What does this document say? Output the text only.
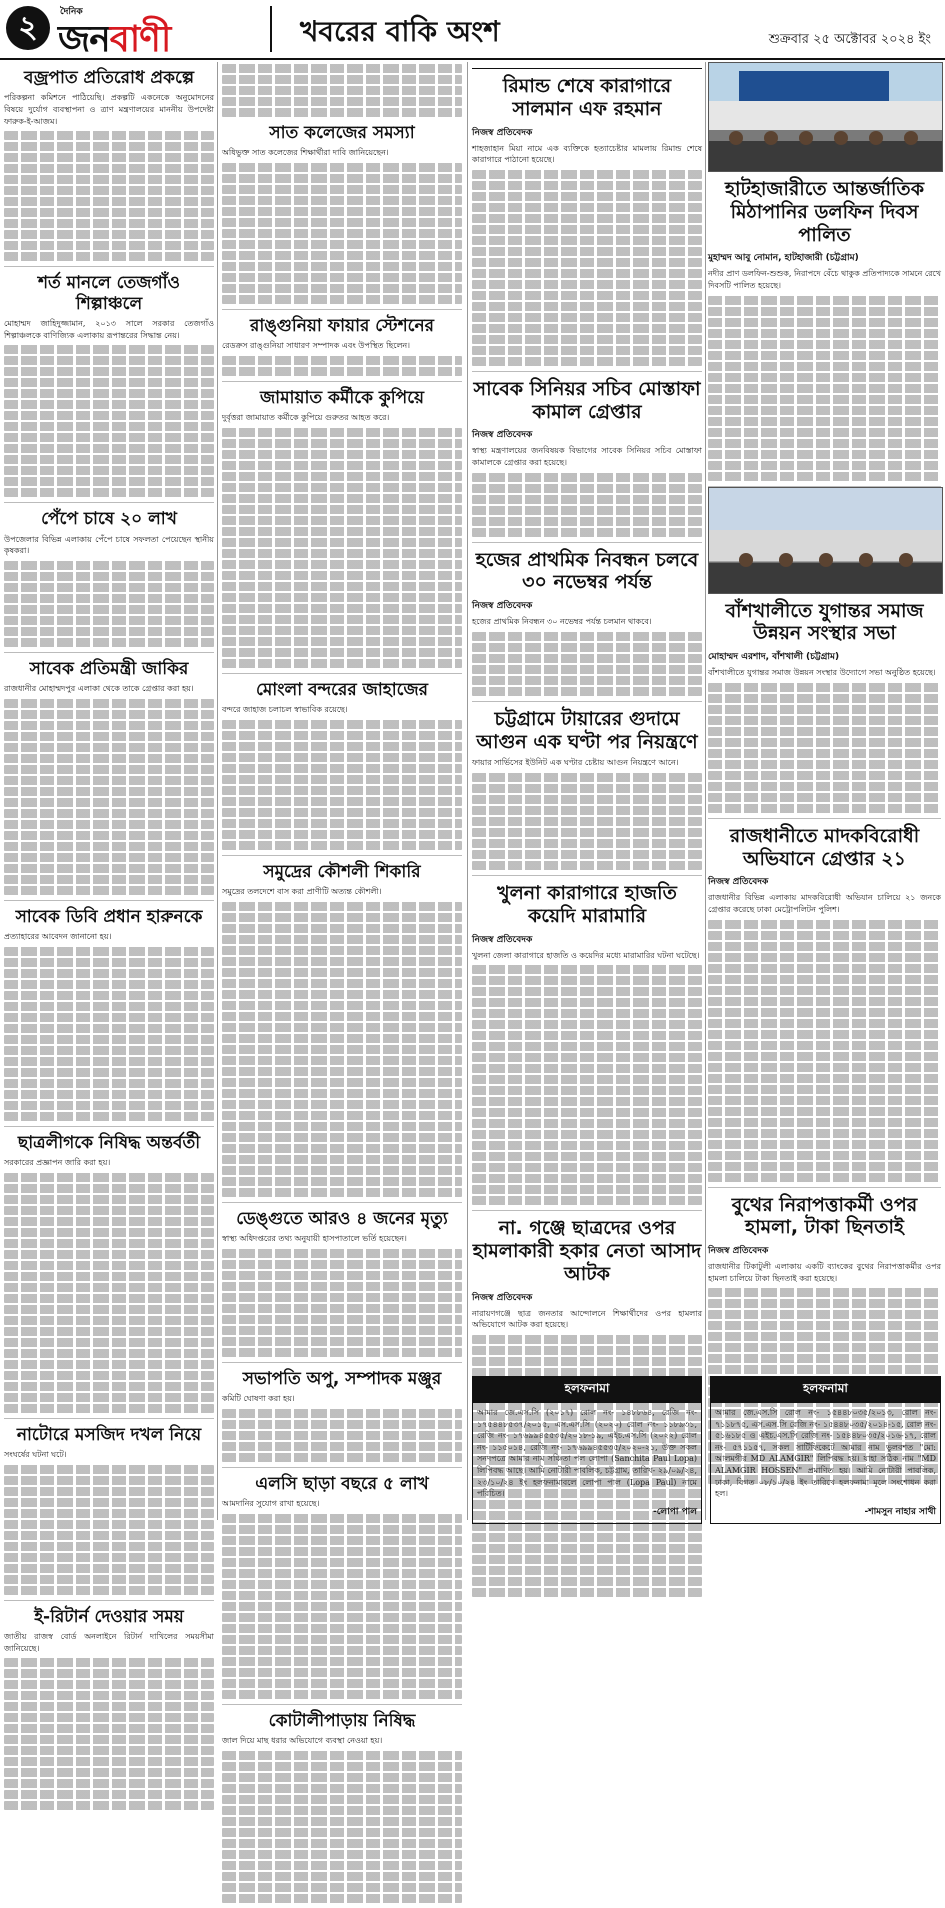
২	দৈনিক
জনবাণী	খবরের বাকি অংশ	শুক্রবার ২৫ অক্টোবর ২০২৪ ইং
বজ্রপাত প্রতিরোধ প্রকল্পে

পরিকল্পনা কমিশনে পাঠিয়েছি। প্রকল্পটি একনেকে অনুমোদনের বিষয়ে দুর্যোগ ব্যবস্থাপনা ও ত্রাণ মন্ত্রণালয়ের মাননীয় উপদেষ্টা ফারুক-ই-আজম।

শর্ত মানলে তেজগাঁও শিল্পাঞ্চলে

মোহাম্মদ জাহিদুজ্জামান, ২০১৩ সালে সরকার তেজগাঁও শিল্পাঞ্চলকে বাণিজ্যিক এলাকায় রূপান্তরের সিদ্ধান্ত নেয়।

পেঁপে চাষে ২০ লাখ

উপজেলার বিভিন্ন এলাকায় পেঁপে চাষে সফলতা পেয়েছেন স্থানীয় কৃষকরা।

সাবেক প্রতিমন্ত্রী জাকির

রাজধানীর মোহাম্মদপুর এলাকা থেকে তাকে গ্রেপ্তার করা হয়।

সাবেক ডিবি প্রধান হারুনকে

প্রত্যাহারের আবেদন জানানো হয়।

ছাত্রলীগকে নিষিদ্ধ অন্তর্বর্তী

সরকারের প্রজ্ঞাপন জারি করা হয়।

নাটোরে মসজিদ দখল নিয়ে

সংঘর্ষের ঘটনা ঘটে।

ই-রিটার্ন দেওয়ার সময়

জাতীয় রাজস্ব বোর্ড অনলাইনে রিটার্ন দাখিলের সময়সীমা জানিয়েছে।

সাত কলেজের সমস্যা

অধিভুক্ত সাত কলেজের শিক্ষার্থীরা দাবি জানিয়েছেন।

রাঙ্গুনিয়া ফায়ার স্টেশনের

রেডক্রস রাঙ্গুনিয়া সাধারণ সম্পাদক এবং উপস্থিত ছিলেন।

জামায়াত কর্মীকে কুপিয়ে

দুর্বৃত্তরা জামায়াত কর্মীকে কুপিয়ে গুরুতর আহত করে।

মোংলা বন্দরের জাহাজের

বন্দরে জাহাজ চলাচল স্বাভাবিক রয়েছে।

সমুদ্রের কৌশলী শিকারি

সমুদ্রের তলদেশে বাস করা প্রাণীটি অত্যন্ত কৌশলী।

ডেঙ্গুতে আরও ৪ জনের মৃত্যু

স্বাস্থ্য অধিদপ্তরের তথ্য অনুযায়ী হাসপাতালে ভর্তি হয়েছেন।

সভাপতি অপু, সম্পাদক মঞ্জুর

কমিটি ঘোষণা করা হয়।

এলসি ছাড়া বছরে ৫ লাখ

আমদানির সুযোগ রাখা হয়েছে।

কোটালীপাড়ায় নিষিদ্ধ

জাল দিয়ে মাছ ধরার অভিযোগে ব্যবস্থা নেওয়া হয়।

রিমান্ড শেষে কারাগারে সালমান এফ রহমান
নিজস্ব প্রতিবেদক

শাহজাহান মিয়া নামে এক ব্যক্তিকে হত্যাচেষ্টার মামলায় রিমান্ড শেষে কারাগারে পাঠানো হয়েছে।

সাবেক সিনিয়র সচিব মোস্তাফা কামাল গ্রেপ্তার
নিজস্ব প্রতিবেদক

স্বাস্থ্য মন্ত্রণালয়ের জনবিষয়ক বিভাগের সাবেক সিনিয়র সচিব মোস্তাফা কামালকে গ্রেপ্তার করা হয়েছে।

হজের প্রাথমিক নিবন্ধন চলবে ৩০ নভেম্বর পর্যন্ত
নিজস্ব প্রতিবেদক

হজের প্রাথমিক নিবন্ধন ৩০ নভেম্বর পর্যন্ত চলমান থাকবে।

চট্টগ্রামে টায়ারের গুদামে আগুন এক ঘণ্টা পর নিয়ন্ত্রণে

ফায়ার সার্ভিসের ইউনিট এক ঘণ্টার চেষ্টায় আগুন নিয়ন্ত্রণে আনে।

খুলনা কারাগারে হাজতি কয়েদি মারামারি
নিজস্ব প্রতিবেদক

খুলনা জেলা কারাগারে হাজতি ও কয়েদির মধ্যে মারামারির ঘটনা ঘটেছে।

না. গঞ্জে ছাত্রদের ওপর হামলাকারী হকার নেতা আসাদ আটক
নিজস্ব প্রতিবেদক

নারায়ণগঞ্জে ছাত্র জনতার আন্দোলনে শিক্ষার্থীদের ওপর হামলার অভিযোগে আটক করা হয়েছে।

হাটহাজারীতে আন্তর্জাতিক মিঠাপানির ডলফিন দিবস পালিত
মুহাম্মদ আবু নোমান, হাটহাজারী (চট্টগ্রাম)

নদীর প্রাণ ডলফিন-শুশুক, নিরাপদে বেঁচে থাকুক প্রতিপাদ্যকে সামনে রেখে দিবসটি পালিত হয়েছে।

বাঁশখালীতে যুগান্তর সমাজ উন্নয়ন সংস্থার সভা
মোহাম্মদ এরশাদ, বাঁশখালী (চট্টগ্রাম)

বাঁশখালীতে যুগান্তর সমাজ উন্নয়ন সংস্থার উদ্যোগে সভা অনুষ্ঠিত হয়েছে।

রাজধানীতে মাদকবিরোধী অভিযানে গ্রেপ্তার ২১
নিজস্ব প্রতিবেদক

রাজধানীর বিভিন্ন এলাকায় মাদকবিরোধী অভিযান চালিয়ে ২১ জনকে গ্রেপ্তার করেছে ঢাকা মেট্রোপলিটন পুলিশ।

বুথের নিরাপত্তাকর্মী ওপর হামলা, টাকা ছিনতাই
নিজস্ব প্রতিবেদক

রাজধানীর টিকাটুলী এলাকায় একটি ব্যাংকের বুথের নিরাপত্তাকর্মীর ওপর হামলা চালিয়ে টাকা ছিনতাই করা হয়েছে।

হলফনামা

আমার জে.এস.সি (২০১৭) রোল নং- ১৪৮৮৬৪, রেজি নং- ১৭৫৪৪৮৫৩৭/২০১৫, এস.এস.সি (২০২০) রোল নং- ১১৮৯৩১, রেজি নং- ১৭৬৯৯৪৫৫৩৫/২০১৮-১৯, এইচ.এস.সি (২০২২) রোল নং- ১১৫০১৪, রেজি নং- ১৭৬৯৯৪৫৫৩৫/২০২০-২১, উক্ত সকল সনদপত্রে আমার নাম সঞ্চিতা পল লোপা (Sanchita Paul Lopa) লিপিবদ্ধ আছে। আমি নোটারী পাবলিক, চট্টগ্রাম, তারিখ- ২৯/০৯/২৪, ২৩/১০/২৪ ইং হলফনামাবলে লোপা পাল (Lopa Paul) নামে পরিচিত।

-লোপা পাল
হলফনামা

আমার জে.এস.সি রোল নং- ১৫৪৪৮০৩৫/২০১৩, রোল নং- ৭১১৮৭৫, এস.এস.সি রেজি নং- ১৫৪৪৮০৩৫/২০১৪-১৫, রোল নং- ৫১৬১৮৫ ও এইচ.এস.সি রেজি নং- ১৫৪৪৮০৩৫/২০১৬-১৭, রোল নং- ৫৭১১৫৭, সকল সার্টিফিকেটে আমার নাম ভুলবশত "মো: আলমগীর MD ALAMGIR" লিপিবদ্ধ হয়। যাহা সঠিক নাম "MD ALAMGIR HOSSEN" প্রমাণিত হয়। আমি নোটারী পাবলিক, ঢাকা, বিগত ০৮/১০/২৪ ইং তারিখে হলফনামা মূলে সংশোধন করা হল।

-শামসুন নাহার সাথী
